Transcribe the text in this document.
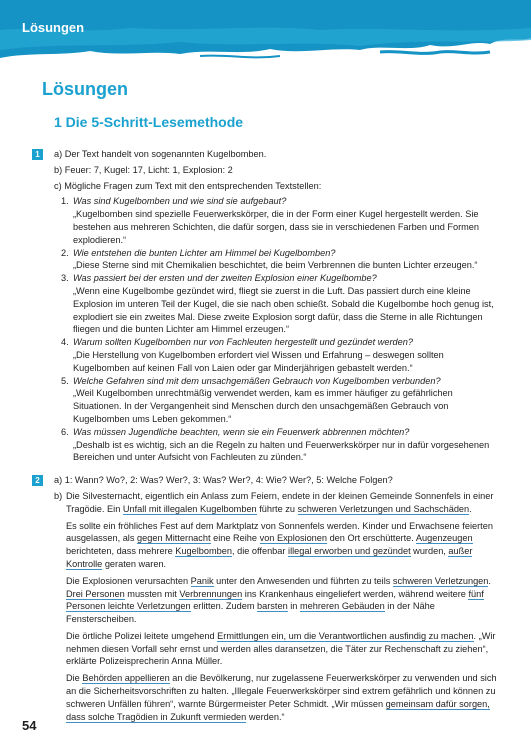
Lösungen
Lösungen
1 Die 5-Schritt-Lesemethode
1	a) Der Text handelt von sogenannten Kugelbomben.
b) Feuer: 7, Kugel: 17, Licht: 1, Explosion: 2
c) Mögliche Fragen zum Text mit den entsprechenden Textstellen:
1. Was sind Kugelbomben und wie sind sie aufgebaut?
„Kugelbomben sind spezielle Feuerwerkskörper, die in der Form einer Kugel hergestellt werden. Sie bestehen aus mehreren Schichten, die dafür sorgen, dass sie in verschiedenen Farben und Formen explodieren.“
2. Wie entstehen die bunten Lichter am Himmel bei Kugelbomben?
„Diese Sterne sind mit Chemikalien beschichtet, die beim Verbrennen die bunten Lichter erzeugen.“
3. Was passiert bei der ersten und der zweiten Explosion einer Kugelbombe?
„Wenn eine Kugelbombe gezündet wird, fliegt sie zuerst in die Luft. Das passiert durch eine kleine Explosion im unteren Teil der Kugel, die sie nach oben schießt. Sobald die Kugelbombe hoch genug ist, explodiert sie ein zweites Mal. Diese zweite Explosion sorgt dafür, dass die Sterne in alle Richtungen fliegen und die bunten Lichter am Himmel erzeugen.“
4. Warum sollten Kugelbomben nur von Fachleuten hergestellt und gezündet werden?
„Die Herstellung von Kugelbomben erfordert viel Wissen und Erfahrung – deswegen sollten Kugelbomben auf keinen Fall von Laien oder gar Minderjährigen gebastelt werden.“
5. Welche Gefahren sind mit dem unsachgemäßen Gebrauch von Kugelbomben verbunden?
„Weil Kugelbomben unrechtmäßig verwendet werden, kam es immer häufiger zu gefährlichen Situationen. In der Vergangenheit sind Menschen durch den unsachgemäßen Gebrauch von Kugelbomben ums Leben gekommen.“
6. Was müssen Jugendliche beachten, wenn sie ein Feuerwerk abbrennen möchten?
„Deshalb ist es wichtig, sich an die Regeln zu halten und Feuerwerkskörper nur in dafür vorgesehenen Bereichen und unter Aufsicht von Fachleuten zu zünden.“
2	a) 1: Wann? Wo?, 2: Was? Wer?, 3: Was? Wer?, 4: Wie? Wer?, 5: Welche Folgen?
b) Die Silvesternacht, eigentlich ein Anlass zum Feiern, endete in der kleinen Gemeinde Sonnenfels in einer Tragödie. Ein Unfall mit illegalen Kugelbomben führte zu schweren Verletzungen und Sachschäden.

Es sollte ein fröhliches Fest auf dem Marktplatz von Sonnenfels werden. Kinder und Erwachsene feierten ausgelassen, als gegen Mitternacht eine Reihe von Explosionen den Ort erschütterte. Augenzeugen berichteten, dass mehrere Kugelbomben, die offenbar illegal erworben und gezündet wurden, außer Kontrolle geraten waren.

Die Explosionen verursachten Panik unter den Anwesenden und führten zu teils schweren Verletzungen. Drei Personen mussten mit Verbrennungen ins Krankenhaus eingeliefert werden, während weitere fünf Personen leichte Verletzungen erlitten. Zudem barsten in mehreren Gebäuden in der Nähe Fensterscheiben.

Die örtliche Polizei leitete umgehend Ermittlungen ein, um die Verantwortlichen ausfindig zu machen. „Wir nehmen diesen Vorfall sehr ernst und werden alles daransetzen, die Täter zur Rechenschaft zu ziehen“, erklärte Polizeisprecherin Anna Müller.

Die Behörden appellieren an die Bevölkerung, nur zugelassene Feuerwerkskörper zu verwenden und sich an die Sicherheitsvorschriften zu halten. „Illegale Feuerwerkskörper sind extrem gefährlich und können zu schweren Unfällen führen“, warnte Bürgermeister Peter Schmidt. „Wir müssen gemeinsam dafür sorgen, dass solche Tragödien in Zukunft vermieden werden.“

54
